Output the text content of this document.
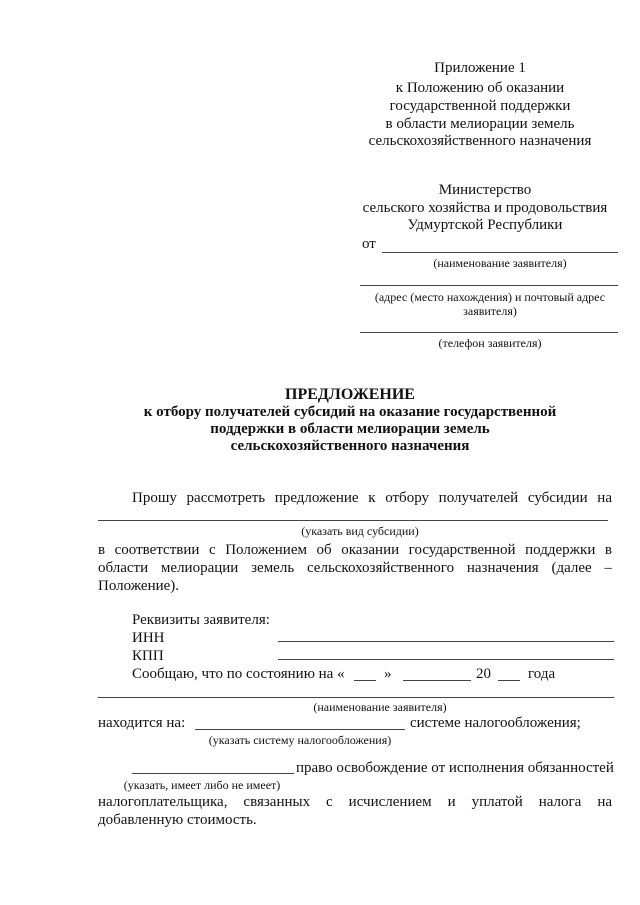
Приложение 1
к Положению об оказании
государственной поддержки
в области мелиорации земель
сельскохозяйственного назначения
Министерство
сельского хозяйства и продовольствия
Удмуртской Республики
от
(наименование заявителя)
(адрес (место нахождения) и почтовый адрес
заявителя)
(телефон заявителя)
ПРЕДЛОЖЕНИЕ
к отбору получателей субсидий на оказание государственной
поддержки в области мелиорации земель
сельскохозяйственного назначения
Прошу рассмотреть предложение к отбору получателей субсидии на
(указать вид субсидии)
в соответствии с Положением об оказании государственной поддержки в
области мелиорации земель сельскохозяйственного назначения (далее –
Положение).
Реквизиты заявителя:
ИНН
КПП
Сообщаю, что по состоянию на «	»	20 года
(наименование заявителя)
находится на:	системе налогообложения;
(указать систему налогообложения)
право освобождение от исполнения обязанностей
(указать, имеет либо не имеет)
налогоплательщика, связанных с исчислением и уплатой налога на
добавленную стоимость.
